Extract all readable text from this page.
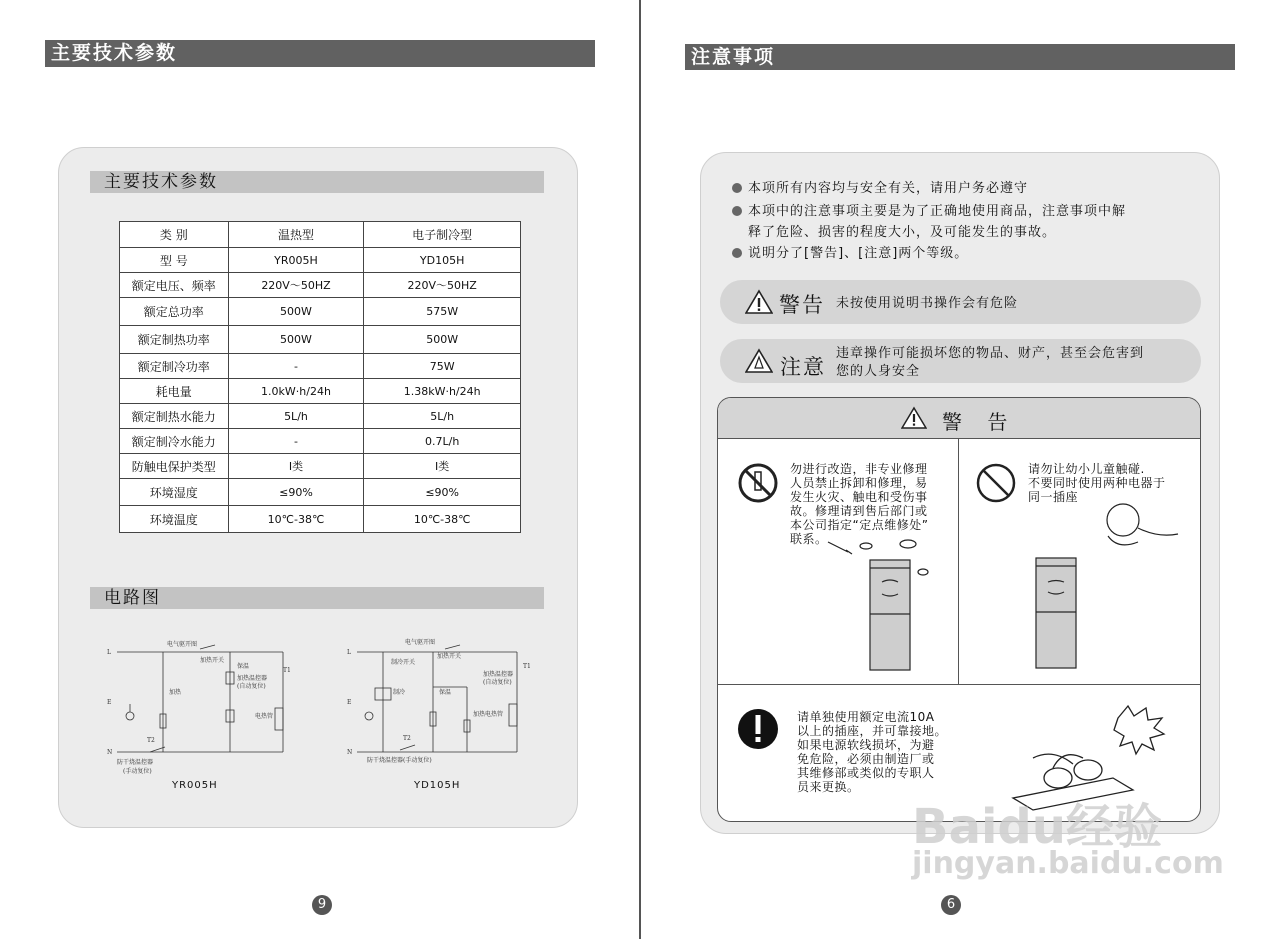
主要技术参数
主要技术参数
类 别	温热型	电子制冷型
型 号	YR005H	YD105H
额定电压、频率	220V～50HZ	220V～50HZ
额定总功率	500W	575W
额定制热功率	500W	500W
额定制冷功率	-	75W
耗电量	1.0kW·h/24h	1.38kW·h/24h
额定制热水能力	5L/h	5L/h
额定制冷水能力	-	0.7L/h
防触电保护类型	Ⅰ类	Ⅰ类
环境湿度	≤90%	≤90%
环境温度	10℃-38℃	10℃-38℃
电路图
L
E
N
电气驱开图
加热开关
保温
加热
加热温控器
(自动复位)
T1
电热管
T2
防干烧温控器
(手动复位)
YR005H
L
E
N
电气驱开图
加热开关
制冷开关
制冷	保温
加热
加热温控器
(自动复位)
T1
电热管
T2
防干烧温控器(手动复位)
YD105H
9
注意事项
本项所有内容均与安全有关，请用户务必遵守
本项中的注意事项主要是为了正确地使用商品，注意事项中解
释了危险、损害的程度大小，及可能发生的事故。
说明分了[警告]、[注意]两个等级。
警告 未按使用说明书操作会有危险
注意
违章操作可能损坏您的物品、财产，甚至会危害到
您的人身安全
警    告
勿进行改造，非专业修理
人员禁止拆卸和修理，易
发生火灾、触电和受伤事
故。修理请到售后部门或
本公司指定“定点维修处”
联系。
请勿让幼小儿童触碰.
不要同时使用两种电器于
同一插座
请单独使用额定电流10A
以上的插座，并可靠接地。
如果电源软线损坏，为避
免危险，必须由制造厂或
其维修部或类似的专职人
员来更换。
6
Baidu经验
jingyan.baidu.com
